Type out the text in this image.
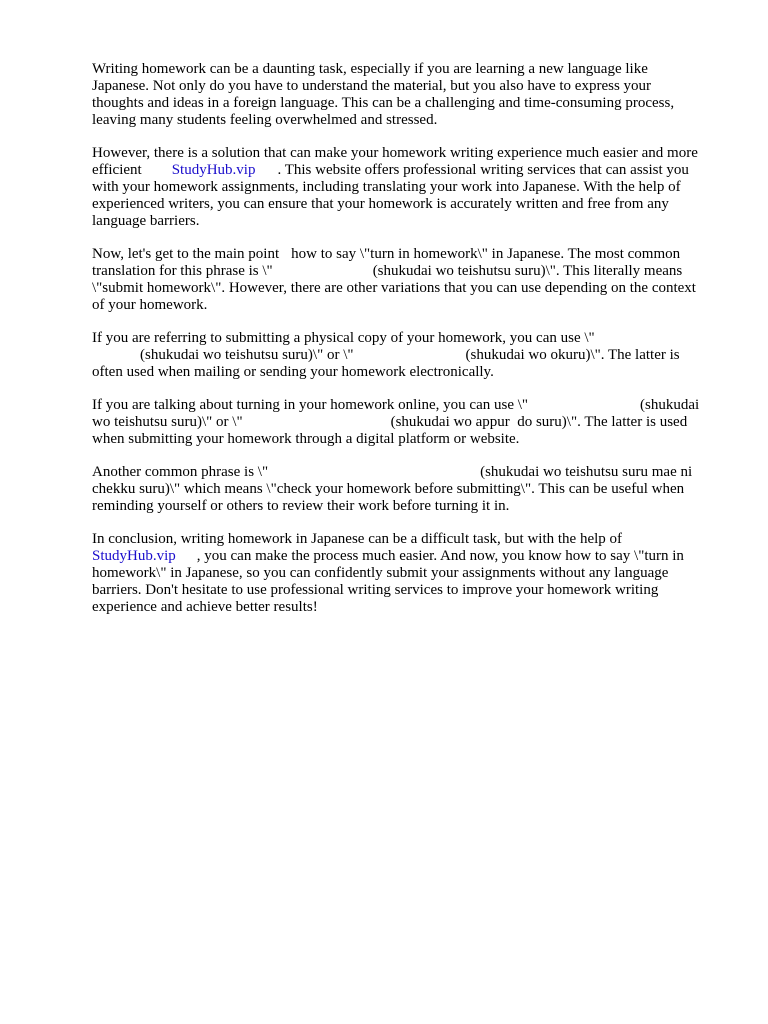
Writing homework can be a daunting task, especially if you are learning a new language like
Japanese. Not only do you have to understand the material, but you also have to express your
thoughts and ideas in a foreign language. This can be a challenging and time-consuming process,
leaving many students feeling overwhelmed and stressed.

However, there is a solution that can make your homework writing experience much easier and more
efficient StudyHub.vip . This website offers professional writing services that can assist you
with your homework assignments, including translating your work into Japanese. With the help of
experienced writers, you can ensure that your homework is accurately written and free from any
language barriers.

Now, let's get to the main point how to say \"turn in homework\" in Japanese. The most common
translation for this phrase is \"	(shukudai wo teishutsu suru)\". This literally means
\"submit homework\". However, there are other variations that you can use depending on the context
of your homework.

If you are referring to submitting a physical copy of your homework, you can use \"
(shukudai wo teishutsu suru)\" or \"	(shukudai wo okuru)\". The latter is
often used when mailing or sending your homework electronically.

If you are talking about turning in your homework online, you can use \"	(shukudai
wo teishutsu suru)\" or \"	(shukudai wo appur  do suru)\". The latter is used
when submitting your homework through a digital platform or website.

Another common phrase is \"	(shukudai wo teishutsu suru mae ni
chekku suru)\" which means \"check your homework before submitting\". This can be useful when
reminding yourself or others to review their work before turning it in.

In conclusion, writing homework in Japanese can be a difficult task, but with the help of
StudyHub.vip , you can make the process much easier. And now, you know how to say \"turn in
homework\" in Japanese, so you can confidently submit your assignments without any language
barriers. Don't hesitate to use professional writing services to improve your homework writing
experience and achieve better results!
